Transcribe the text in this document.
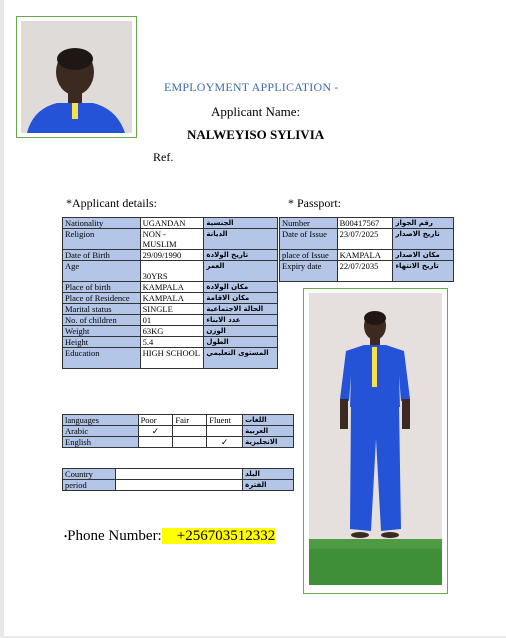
EMPLOYMENT APPLICATION -
Applicant Name:
NALWEYISO SYLIVIA
Ref.
*Applicant details:	* Passport:
Nationality	UGANDAN	الجنسية
Religion	NON - MUSLIM	الديانة
Date of Birth	29/09/1990	تاريخ الولادة
Age	30YRS	العمر
Place of birth	KAMPALA	مكان الولادة
Place of Residence	KAMPALA	مكان الاقامة
Marital status	SINGLE	الحالة الاجتماعية
No. of children	01	عدد الابناء
Weight	63KG	الوزن
Height	5.4	الطول
Education	HIGH SCHOOL	المستوى التعليمي
Number	B00417567	رقم الجواز
Date of Issue	23/07/2025	تاريخ الاصدار
place of Issue	KAMPALA	مكان الاصدار
Expiry date	22/07/2035	تاريخ الانتهاء
languages	Poor	Fair	Fluent	اللغات
Arabic	✓			العربية
English			✓	الانجليزية
Country		البلد
period		الفترة
•Phone Number: +256703512332
